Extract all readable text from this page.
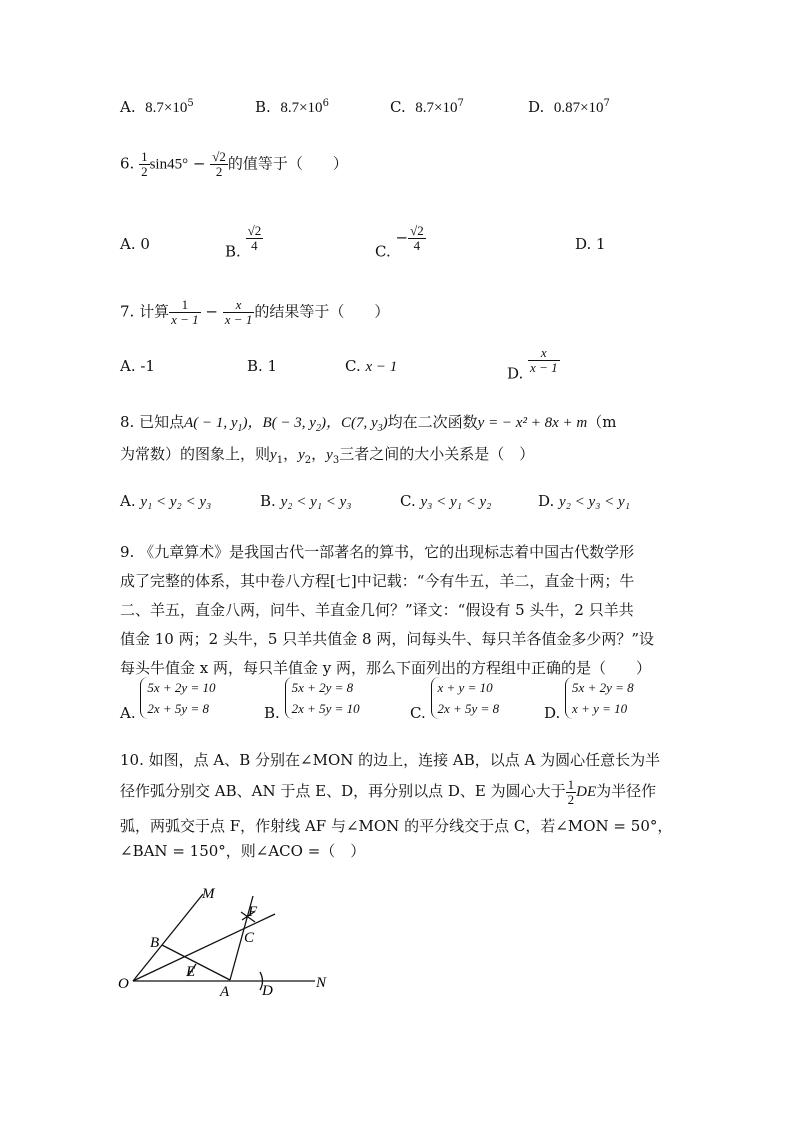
A. $8.7\times 10^5$	B. $8.7\times 10^6$	C. $8.7\times 10^7$	D. $0.87\times 10^7$
6. $\frac{1}{2} \sin 45^\circ - \frac{√2}{2}$ 的值等于（　　）
A. 0	B. $\frac{√2}{4}$	C. − $\frac{√2}{4}$	D. 1
7. 计算 $\frac{1}{x - 1} - \frac{x}{x - 1}$ 的结果等于（　　）
A. -1	B. 1	C. x − 1	D. $\frac{x}{x - 1}$
8. 已知点A( − 1, $y_1$)，B( − 3, $y_2$)，C(7, $y_3$)均在二次函数y = − x² + 8x + m（m
为常数）的图象上，则$y_1$，$y_2$，$y_3$三者之间的大小关系是（　）
A. y₁ < y₂ < y₃	B. y₂ < y₁ < y₃	C. y₃ < y₁ < y₂	D. y₂ < y₃ < y₁
9. 《九章算术》是我国古代一部著名的算书，它的出现标志着中国古代数学形
成了完整的体系，其中卷八方程[七]中记载：“今有牛五，羊二，直金十两；牛
二、羊五，直金八两，问牛、羊直金几何？”译文：“假设有 5 头牛，2 只羊共
值金 10 两；2 头牛，5 只羊共值金 8 两，问每头牛、每只羊各值金多少两？”设
每头牛值金 x 两，每只羊值金 y 两，那么下面列出的方程组中正确的是（　　）
A. 5x + 2y = 10
2x + 5y = 8	B. 5x + 2y = 8
2x + 5y = 10	C. x + y = 10
2x + 5y = 8	D. 5x + 2y = 8
x + y = 10
10. 如图，点 A、B 分别在∠MON 的边上，连接 AB，以点 A 为圆心任意长为半
径作弧分别交 AB、AN 于点 E、D，再分别以点 D、E 为圆心大于 $\frac{1}{2}$ DE为半径作
弧，两弧交于点 F，作射线 AF 与∠MON 的平分线交于点 C，若∠MON = 50°，
∠BAN = 150°，则∠ACO =（　）
M
F
C
B
E
O	A D	N
